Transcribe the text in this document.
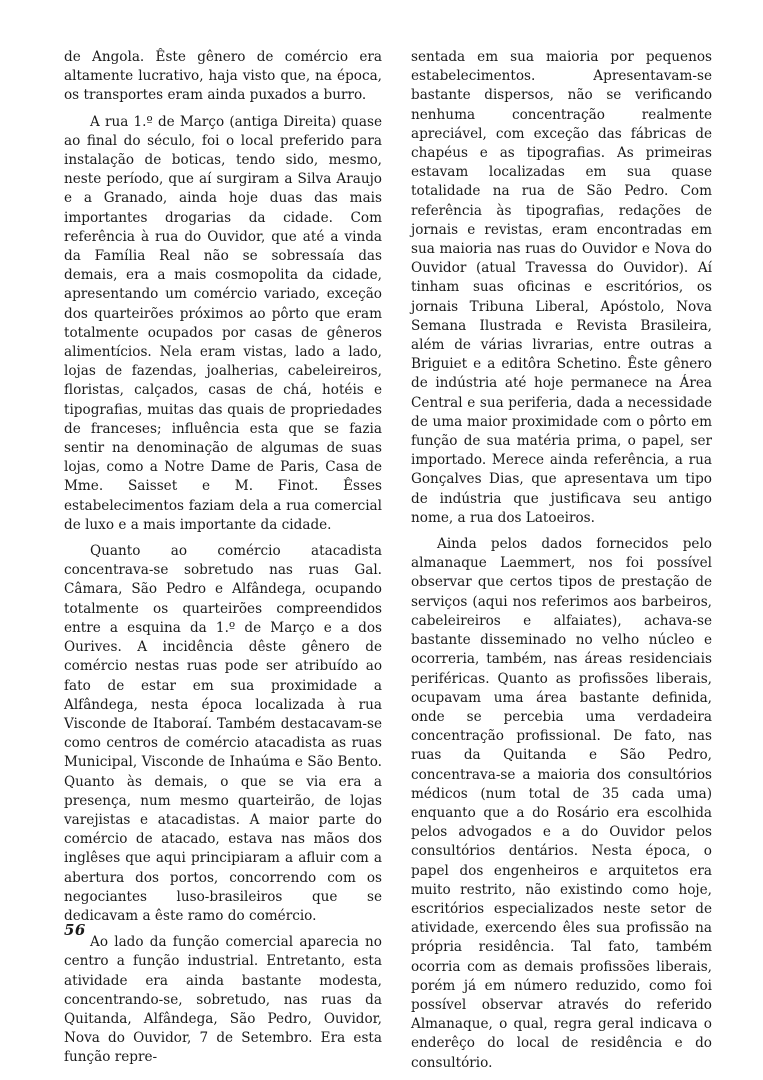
de Angola. Êste gênero de comércio era altamente lucrativo, haja visto que, na época, os transportes eram ainda puxados a burro.

A rua 1.º de Março (antiga Direita) quase ao final do século, foi o local preferido para instalação de boticas, tendo sido, mesmo, neste período, que aí surgiram a Silva Araujo e a Granado, ainda hoje duas das mais importantes drogarias da cidade. Com referência à rua do Ouvidor, que até a vinda da Família Real não se sobressaía das demais, era a mais cosmopolita da cidade, apresentando um comércio variado, exceção dos quarteirões próximos ao pôrto que eram totalmente ocupados por casas de gêneros alimentícios. Nela eram vistas, lado a lado, lojas de fazendas, joalherias, cabeleireiros, floristas, calçados, casas de chá, hotéis e tipografias, muitas das quais de propriedades de franceses; influência esta que se fazia sentir na denominação de algumas de suas lojas, como a Notre Dame de Paris, Casa de Mme. Saisset e M. Finot. Êsses estabelecimentos faziam dela a rua comercial de luxo e a mais importante da cidade.

Quanto ao comércio atacadista concentrava-se sobretudo nas ruas Gal. Câmara, São Pedro e Alfândega, ocupando totalmente os quarteirões compreendidos entre a esquina da 1.º de Março e a dos Ourives. A incidência dêste gênero de comércio nestas ruas pode ser atribuído ao fato de estar em sua proximidade a Alfândega, nesta época localizada à rua Visconde de Itaboraí. Também destacavam-se como centros de comércio atacadista as ruas Municipal, Visconde de Inhaúma e São Bento. Quanto às demais, o que se via era a presença, num mesmo quarteirão, de lojas varejistas e atacadistas. A maior parte do comércio de atacado, estava nas mãos dos inglêses que aqui principiaram a afluir com a abertura dos portos, concorrendo com os negociantes luso-brasileiros que se dedicavam a êste ramo do comércio.

Ao lado da função comercial aparecia no centro a função industrial. Entretanto, esta atividade era ainda bastante modesta, concentrando-se, sobretudo, nas ruas da Quitanda, Alfândega, São Pedro, Ouvidor, Nova do Ouvidor, 7 de Setembro. Era esta função repre-

sentada em sua maioria por pequenos estabelecimentos. Apresentavam-se bastante dispersos, não se verificando nenhuma concentração realmente apreciável, com exceção das fábricas de chapéus e as tipografias. As primeiras estavam localizadas em sua quase totalidade na rua de São Pedro. Com referência às tipografias, redações de jornais e revistas, eram encontradas em sua maioria nas ruas do Ouvidor e Nova do Ouvidor (atual Travessa do Ouvidor). Aí tinham suas oficinas e escritórios, os jornais Tribuna Liberal, Apóstolo, Nova Semana Ilustrada e Revista Brasileira, além de várias livrarias, entre outras a Briguiet e a editôra Schetino. Êste gênero de indústria até hoje permanece na Área Central e sua periferia, dada a necessidade de uma maior proximidade com o pôrto em função de sua matéria prima, o papel, ser importado. Merece ainda referência, a rua Gonçalves Dias, que apresentava um tipo de indústria que justificava seu antigo nome, a rua dos Latoeiros.

Ainda pelos dados fornecidos pelo almanaque Laemmert, nos foi possível observar que certos tipos de prestação de serviços (aqui nos referimos aos barbeiros, cabeleireiros e alfaiates), achava-se bastante disseminado no velho núcleo e ocorreria, também, nas áreas residenciais periféricas. Quanto as profissões liberais, ocupavam uma área bastante definida, onde se percebia uma verdadeira concentração profissional. De fato, nas ruas da Quitanda e São Pedro, concentrava-se a maioria dos consultórios médicos (num total de 35 cada uma) enquanto que a do Rosário era escolhida pelos advogados e a do Ouvidor pelos consultórios dentários. Nesta época, o papel dos engenheiros e arquitetos era muito restrito, não existindo como hoje, escritórios especializados neste setor de atividade, exercendo êles sua profissão na própria residência. Tal fato, também ocorria com as demais profissões liberais, porém já em número reduzido, como foi possível observar através do referido Almanaque, o qual, regra geral indicava o enderêço do local de residência e do consultório.

56
